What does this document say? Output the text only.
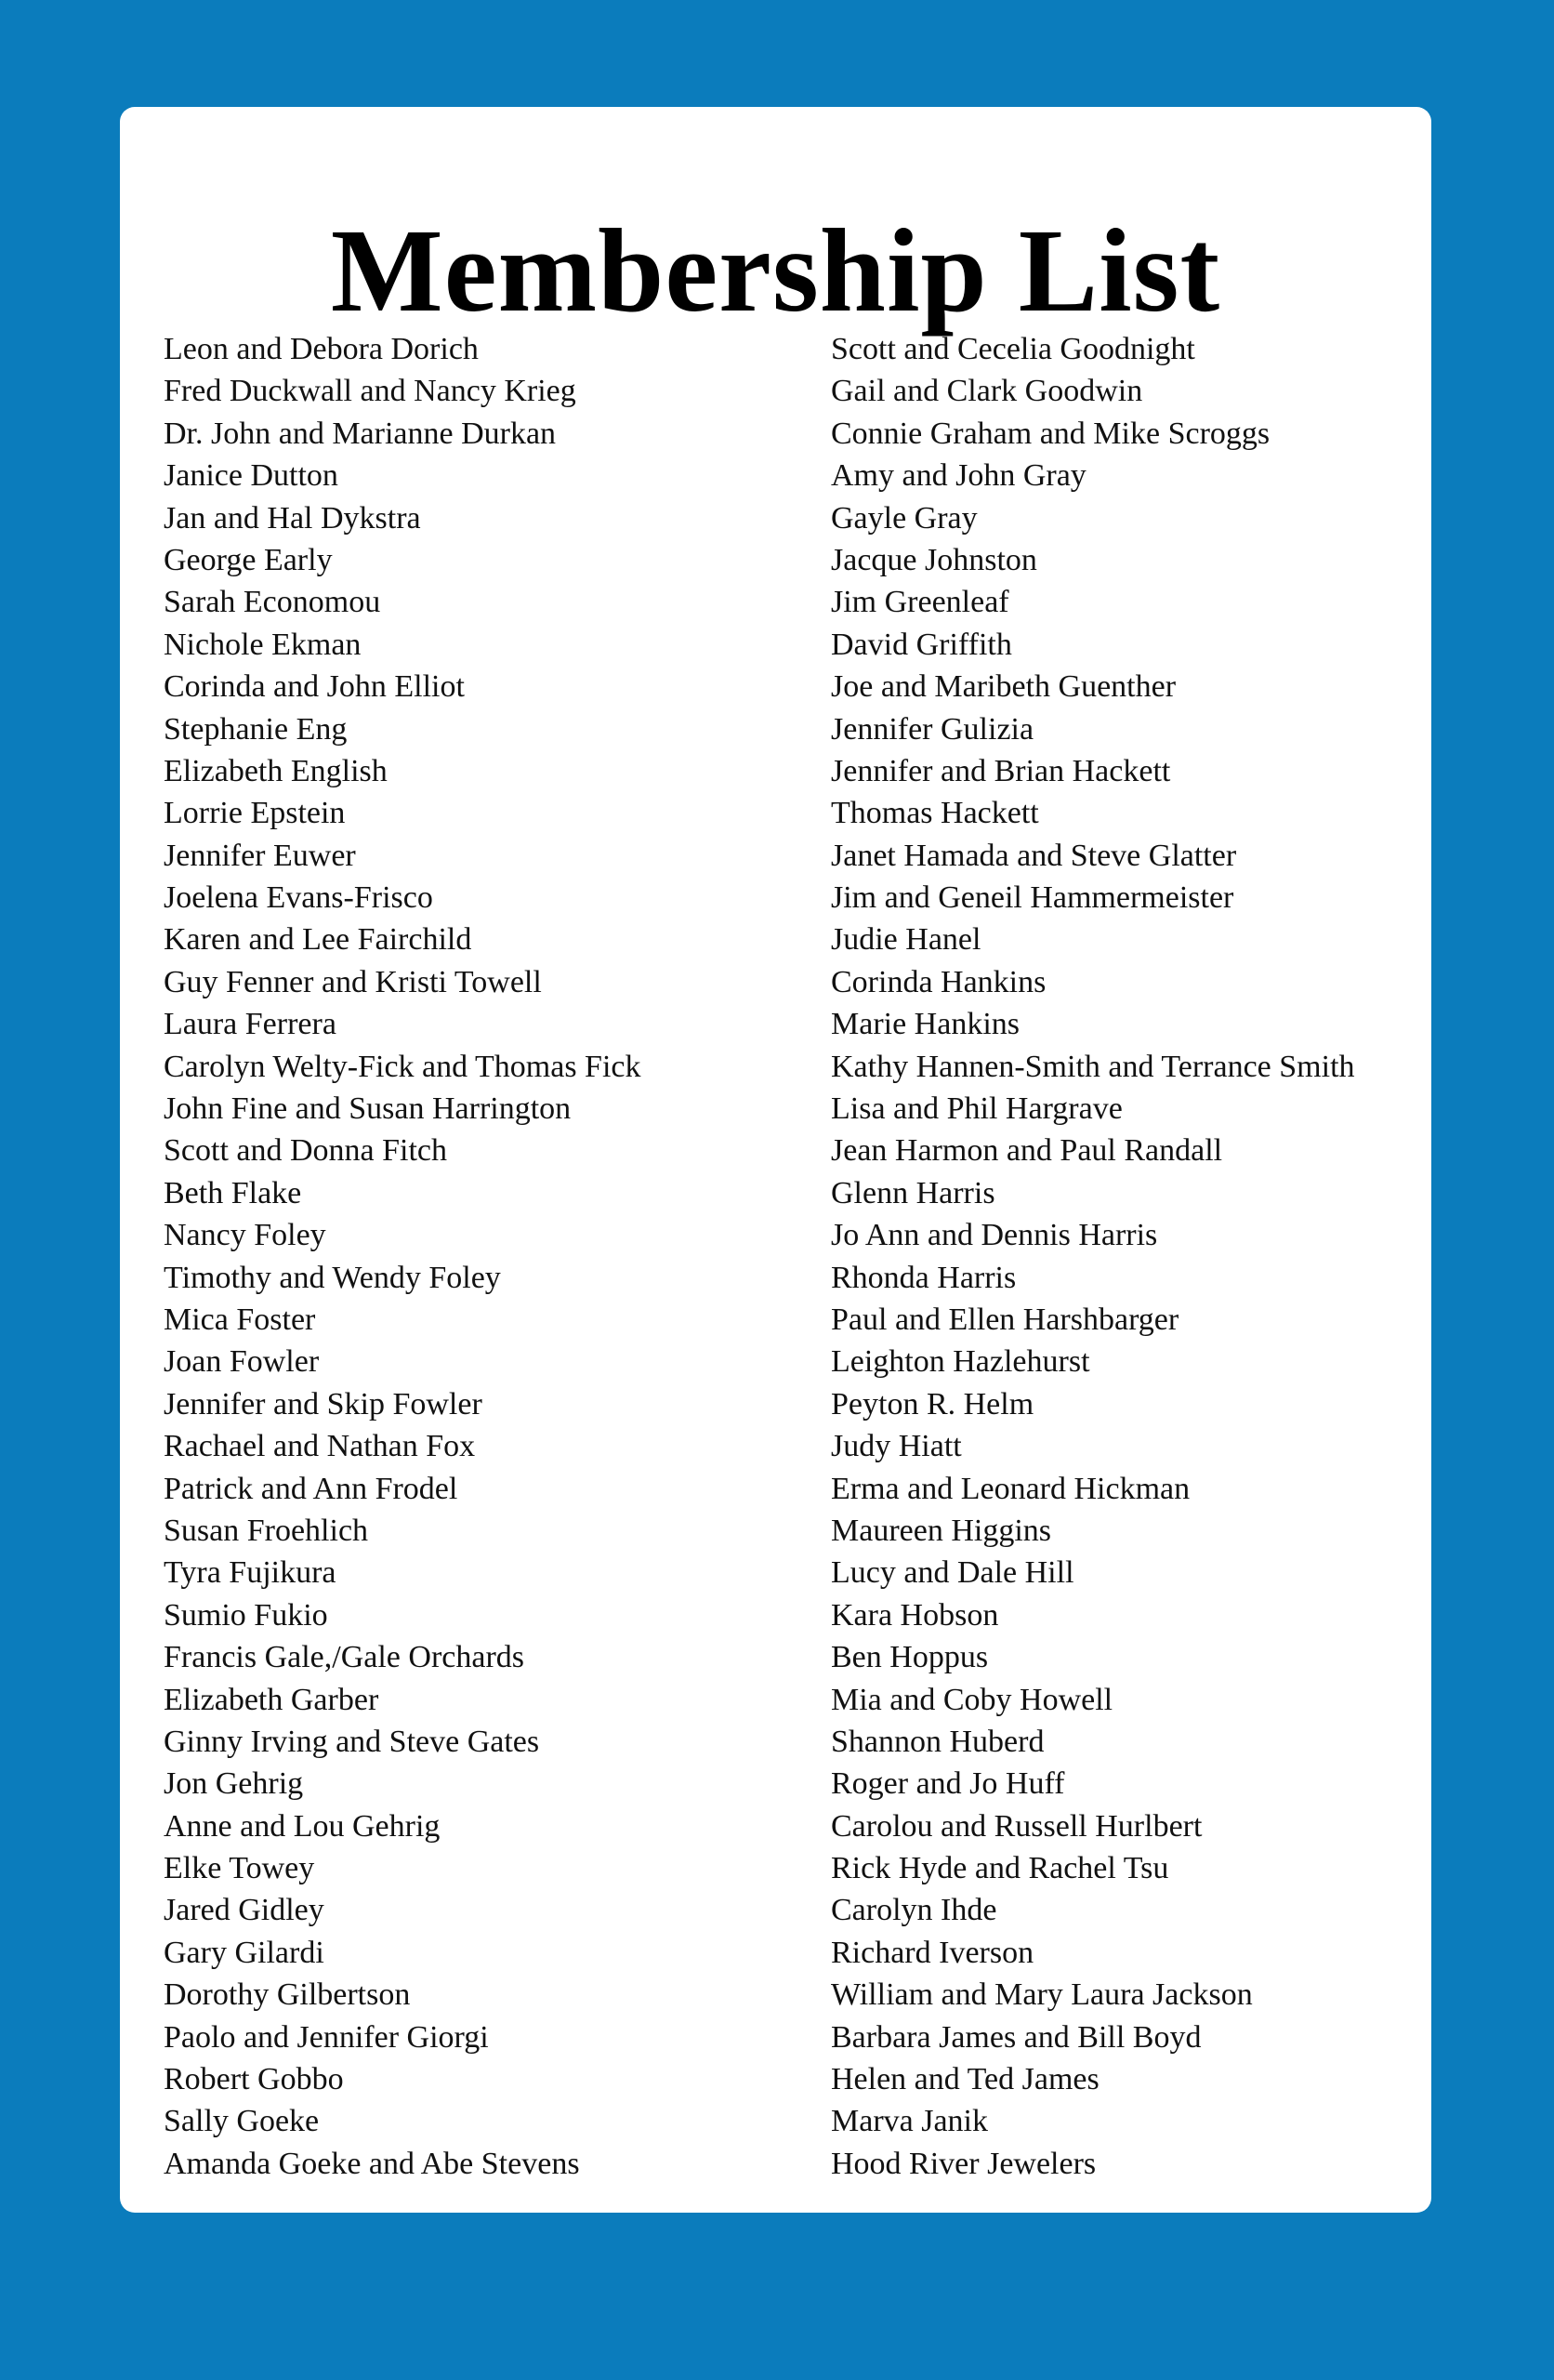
Membership List
Leon and Debora Dorich
Fred Duckwall and Nancy Krieg
Dr. John and Marianne Durkan
Janice Dutton
Jan and Hal Dykstra
George Early
Sarah Economou
Nichole Ekman
Corinda and John Elliot
Stephanie Eng
Elizabeth English
Lorrie Epstein
Jennifer Euwer
Joelena Evans-Frisco
Karen and Lee Fairchild
Guy Fenner and Kristi Towell
Laura Ferrera
Carolyn Welty-Fick and Thomas Fick
John Fine and Susan Harrington
Scott and Donna Fitch
Beth Flake
Nancy Foley
Timothy and Wendy Foley
Mica Foster
Joan Fowler
Jennifer and Skip Fowler
Rachael and Nathan Fox
Patrick and Ann Frodel
Susan Froehlich
Tyra Fujikura
Sumio Fukio
Francis Gale,/Gale Orchards
Elizabeth Garber
Ginny Irving and Steve Gates
Jon Gehrig
Anne and Lou Gehrig
Elke Towey
Jared Gidley
Gary Gilardi
Dorothy Gilbertson
Paolo and Jennifer Giorgi
Robert Gobbo
Sally Goeke
Amanda Goeke and Abe Stevens
Scott and Cecelia Goodnight
Gail and Clark Goodwin
Connie Graham and Mike Scroggs
Amy and John Gray
Gayle Gray
Jacque Johnston
Jim Greenleaf
David Griffith
Joe and Maribeth Guenther
Jennifer Gulizia
Jennifer and Brian Hackett
Thomas Hackett
Janet Hamada and Steve Glatter
Jim and Geneil Hammermeister
Judie Hanel
Corinda Hankins
Marie Hankins
Kathy Hannen-Smith and Terrance Smith
Lisa and Phil Hargrave
Jean Harmon and Paul Randall
Glenn Harris
Jo Ann and Dennis Harris
Rhonda Harris
Paul and Ellen Harshbarger
Leighton Hazlehurst
Peyton R. Helm
Judy Hiatt
Erma and Leonard Hickman
Maureen Higgins
Lucy and Dale Hill
Kara Hobson
Ben Hoppus
Mia and Coby Howell
Shannon Huberd
Roger and Jo Huff
Carolou and Russell Hurlbert
Rick Hyde and Rachel Tsu
Carolyn Ihde
Richard Iverson
William and Mary Laura Jackson
Barbara James and Bill Boyd
Helen and Ted James
Marva Janik
Hood River Jewelers
